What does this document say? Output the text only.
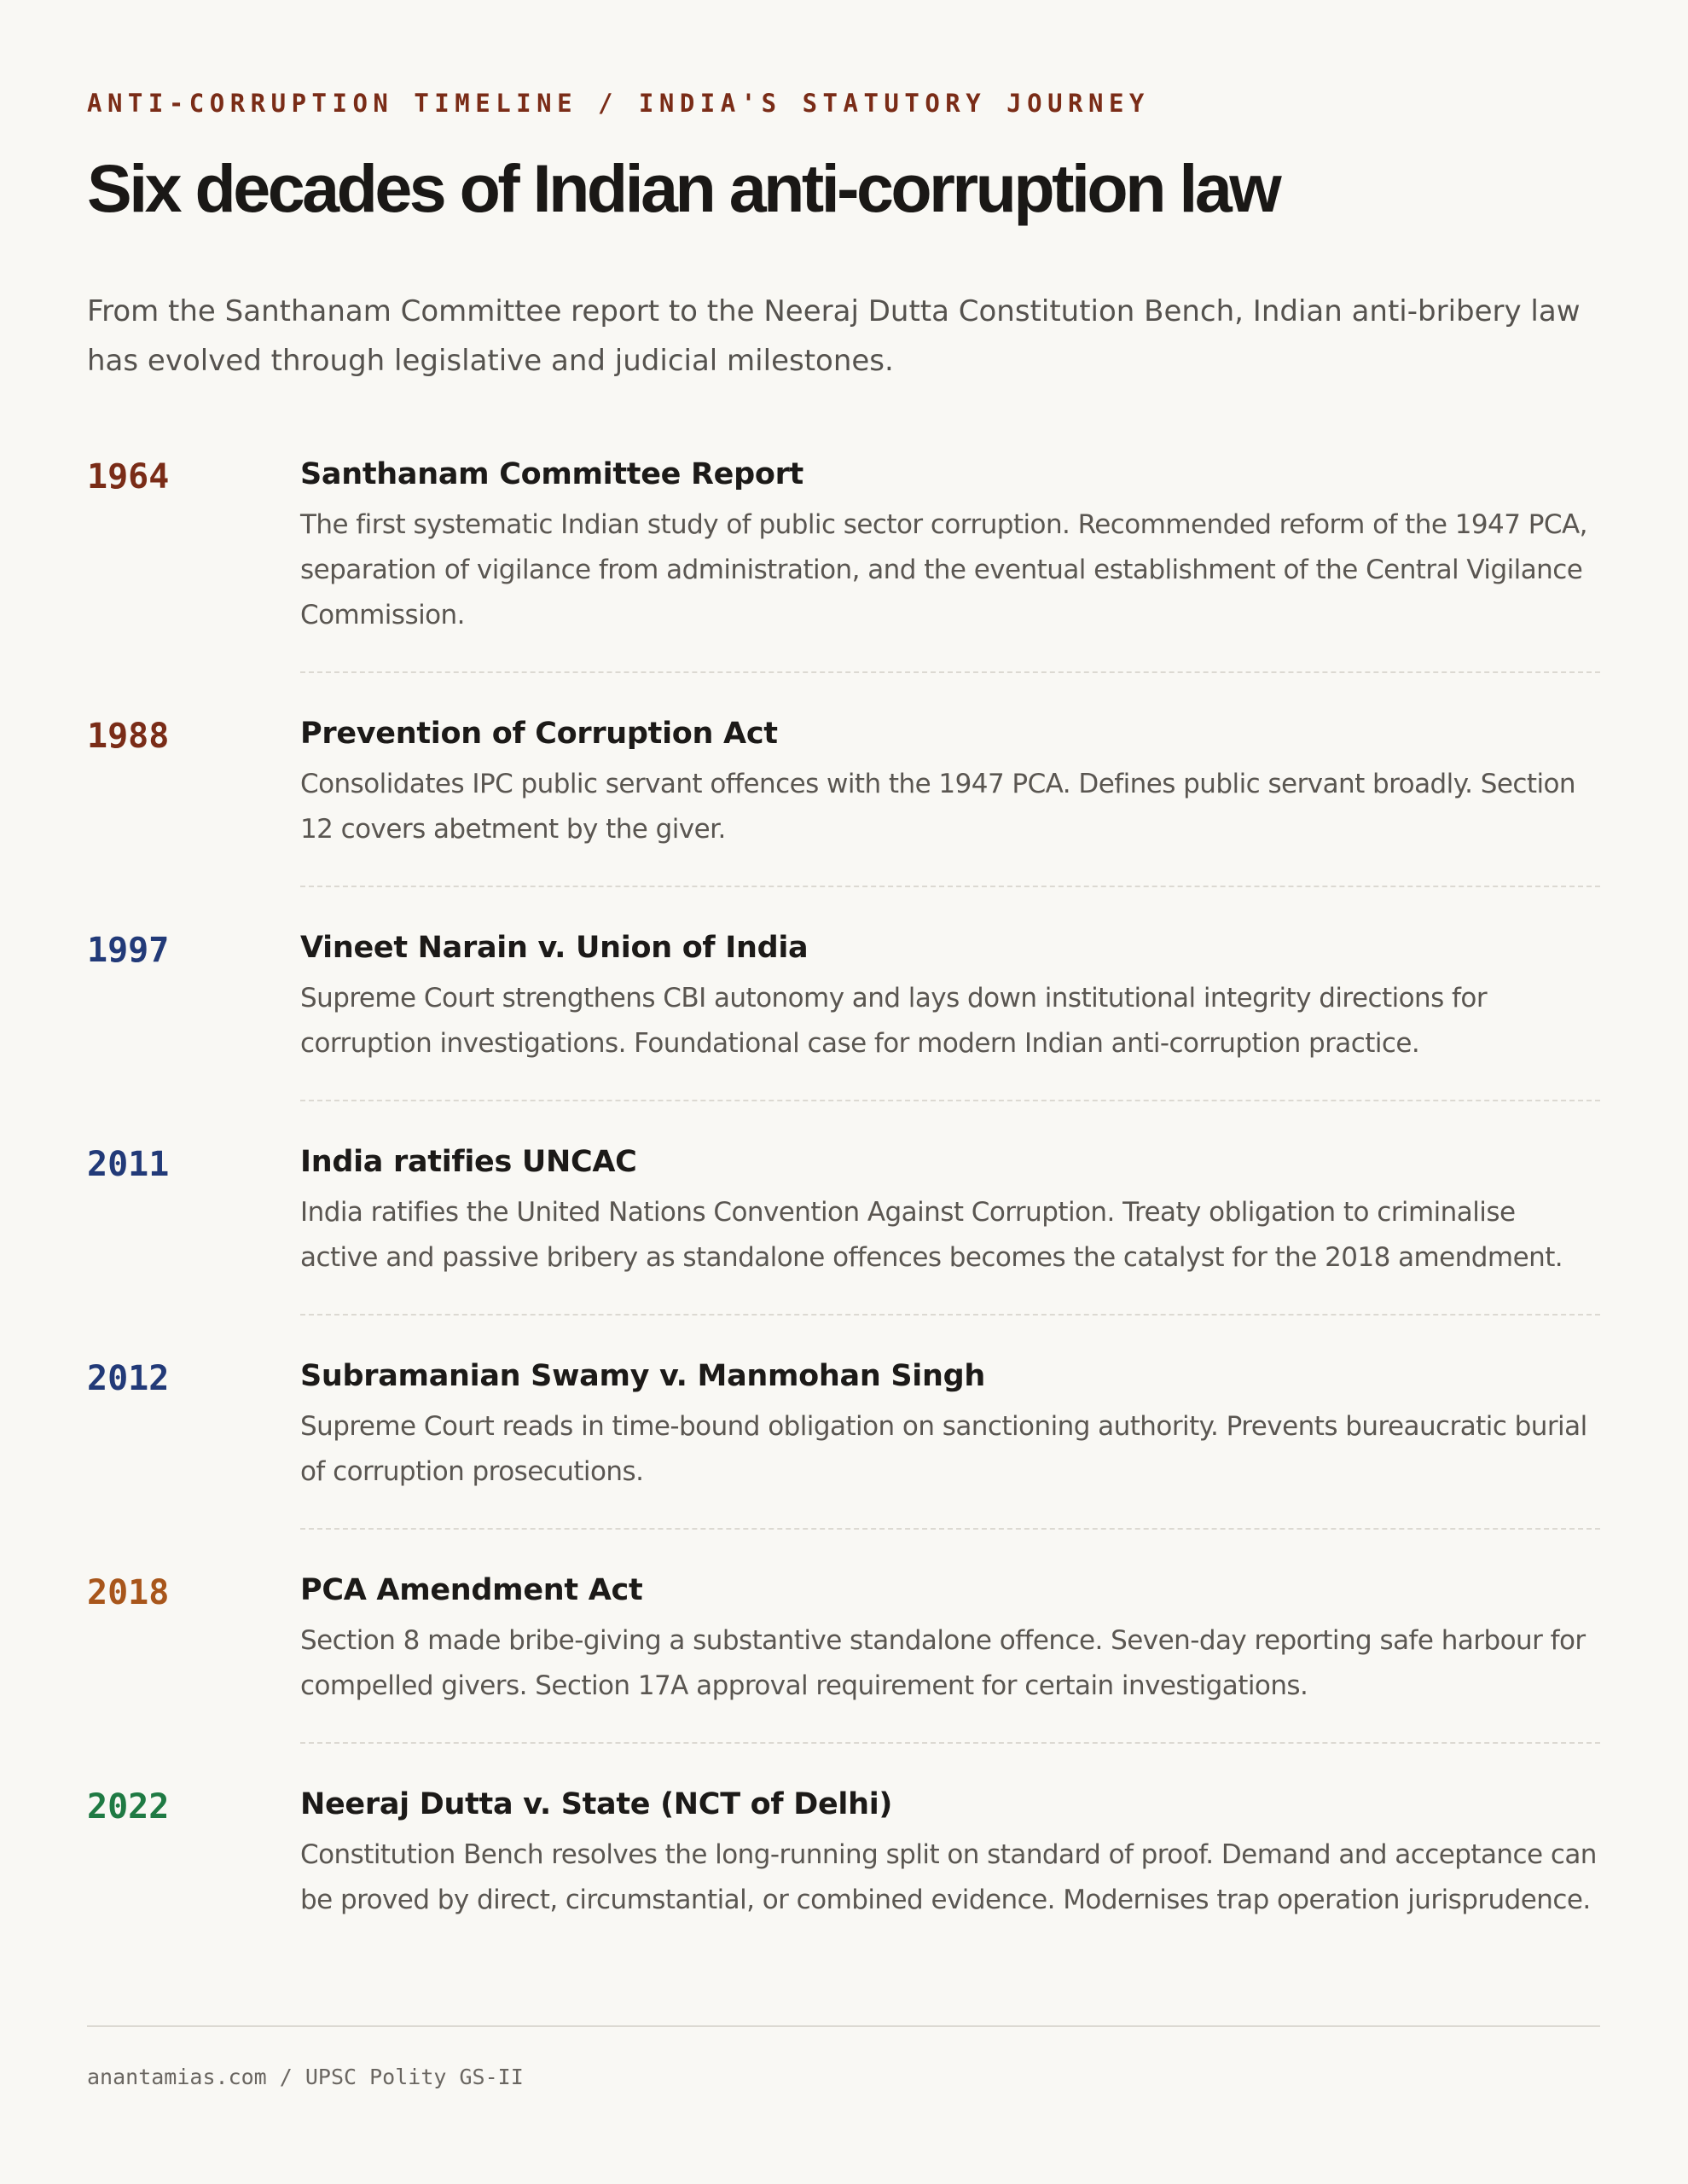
ANTI-CORRUPTION TIMELINE / INDIA'S STATUTORY JOURNEY
Six decades of Indian anti-corruption law

From the Santhanam Committee report to the Neeraj Dutta Constitution Bench, Indian anti-bribery law has evolved through legislative and judicial milestones.

1964	Santhanam Committee Report
The first systematic Indian study of public sector corruption. Recommended reform of the 1947 PCA, separation of vigilance from administration, and the eventual establishment of the Central Vigilance Commission.
1988	Prevention of Corruption Act
Consolidates IPC public servant offences with the 1947 PCA. Defines public servant broadly. Section 12 covers abetment by the giver.
1997	Vineet Narain v. Union of India
Supreme Court strengthens CBI autonomy and lays down institutional integrity directions for corruption investigations. Foundational case for modern Indian anti-corruption practice.
2011	India ratifies UNCAC
India ratifies the United Nations Convention Against Corruption. Treaty obligation to criminalise active and passive bribery as standalone offences becomes the catalyst for the 2018 amendment.
2012	Subramanian Swamy v. Manmohan Singh
Supreme Court reads in time-bound obligation on sanctioning authority. Prevents bureaucratic burial of corruption prosecutions.
2018	PCA Amendment Act
Section 8 made bribe-giving a substantive standalone offence. Seven-day reporting safe harbour for compelled givers. Section 17A approval requirement for certain investigations.
2022	Neeraj Dutta v. State (NCT of Delhi)
Constitution Bench resolves the long-running split on standard of proof. Demand and acceptance can be proved by direct, circumstantial, or combined evidence. Modernises trap operation jurisprudence.
anantamias.com / UPSC Polity GS-II
